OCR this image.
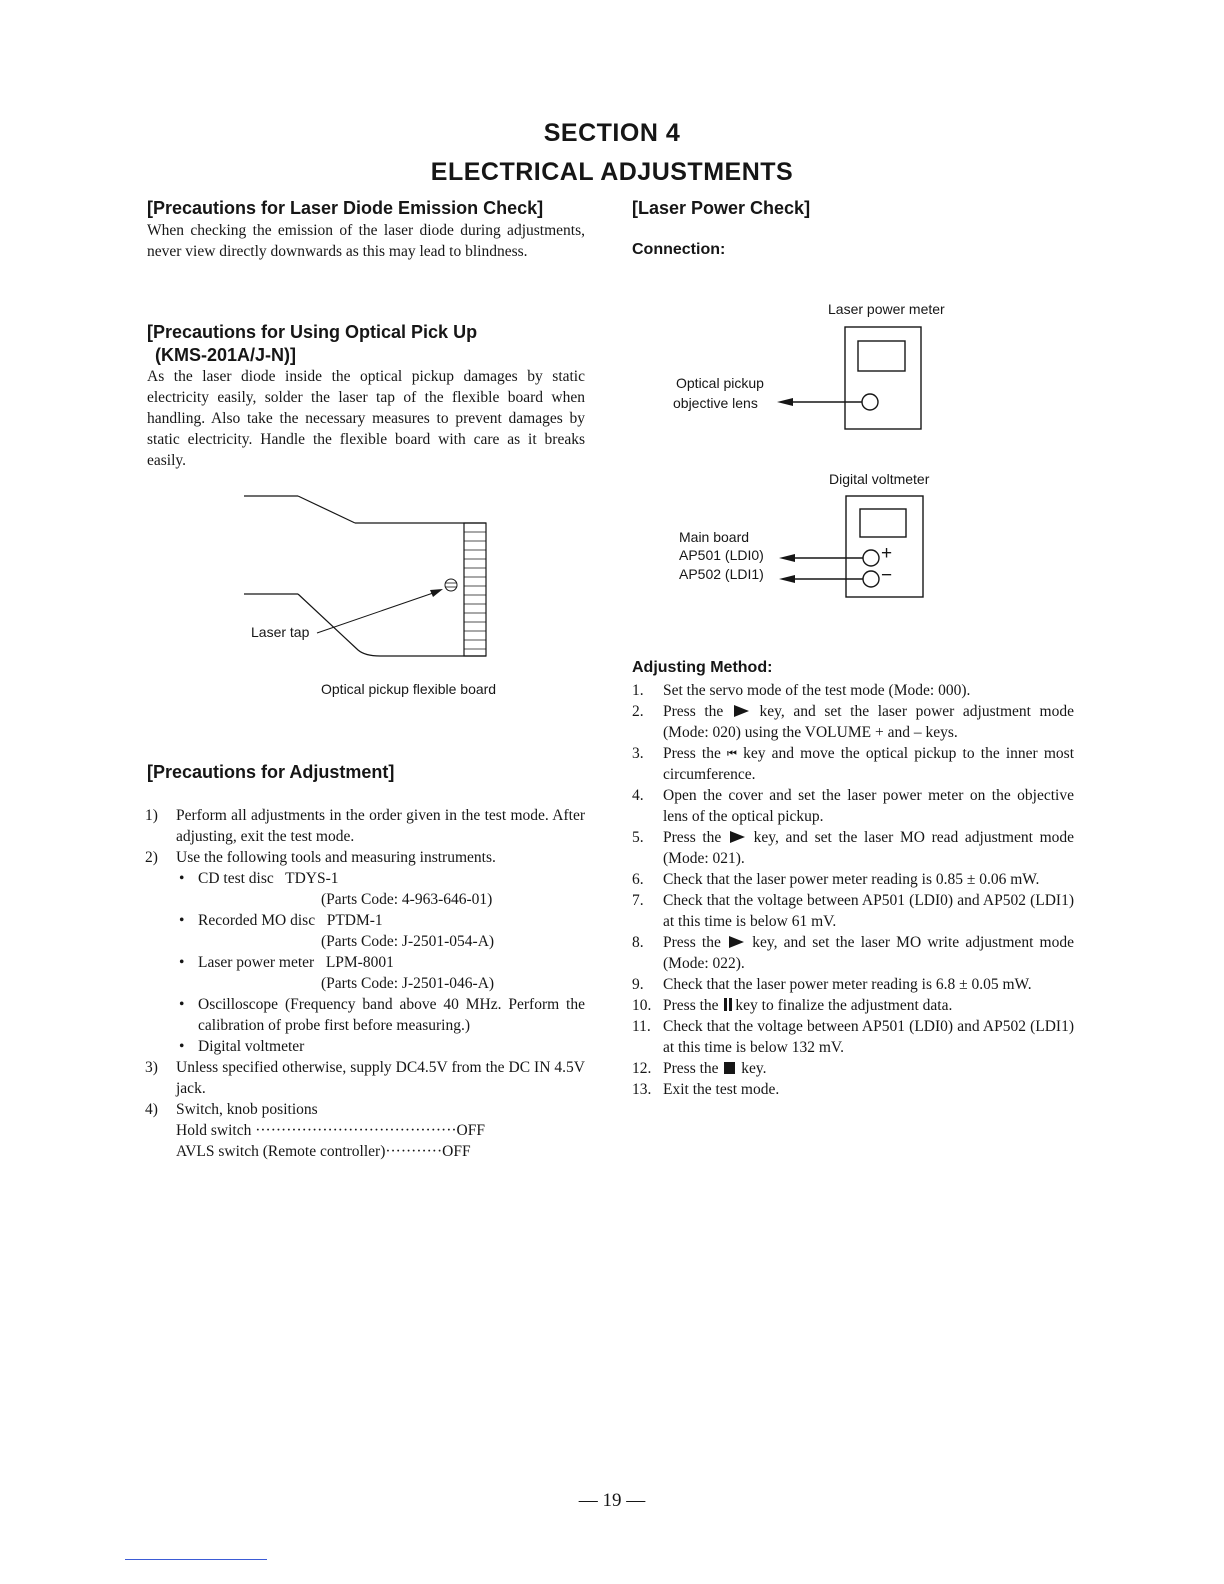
SECTION 4
ELECTRICAL ADJUSTMENTS
[Precautions for Laser Diode Emission Check]
When checking the emission of the laser diode during adjustments, never view directly downwards as this may lead to blindness.
[Precautions for Using Optical Pick Up
(KMS-201A/J-N)]
As the laser diode inside the optical pickup damages by static electricity easily, solder the laser tap of the flexible board when handling. Also take the necessary measures to prevent damages by static electricity. Handle the flexible board with care as it breaks easily.
Laser tap
Optical pickup flexible board
[Precautions for Adjustment]
1) Perform all adjustments in the order given in the test mode. After adjusting, exit the test mode.
2) Use the following tools and measuring instruments.
• CD test disc   TDYS-1
(Parts Code: 4-963-646-01)
• Recorded MO disc   PTDM-1
(Parts Code: J-2501-054-A)
• Laser power meter   LPM-8001
(Parts Code: J-2501-046-A)
• Oscilloscope (Frequency band above 40 MHz. Perform the calibration of probe first before measuring.)
• Digital voltmeter
3) Unless specified otherwise, supply DC4.5V from the DC IN 4.5V jack.
4) Switch, knob positions
Hold switch ·······································OFF
AVLS switch (Remote controller)···········OFF
[Laser Power Check]
Connection:
Laser power meter
Optical pickup
objective lens
Digital voltmeter
Main board
AP501 (LDI0)
AP502 (LDI1)
+
−
Adjusting Method:
1. Set the servo mode of the test mode (Mode: 000).
2. Press the key, and set the laser power adjustment mode (Mode: 020) using the VOLUME + and – keys.
3. Press the ⏮ key and move the optical pickup to the inner most circumference.
4. Open the cover and set the laser power meter on the objective lens of the optical pickup.
5. Press the key, and set the laser MO read adjustment mode (Mode: 021).
6. Check that the laser power meter reading is 0.85 ± 0.06 mW.
7. Check that the voltage between AP501 (LDI0) and AP502 (LDI1) at this time is below 61 mV.
8. Press the key, and set the laser MO write adjustment mode (Mode: 022).
9. Check that the laser power meter reading is 6.8 ± 0.05 mW.
10. Press the key to finalize the adjustment data.
11. Check that the voltage between AP501 (LDI0) and AP502 (LDI1) at this time is below 132 mV.
12. Press the key.
13. Exit the test mode.
— 19 —
